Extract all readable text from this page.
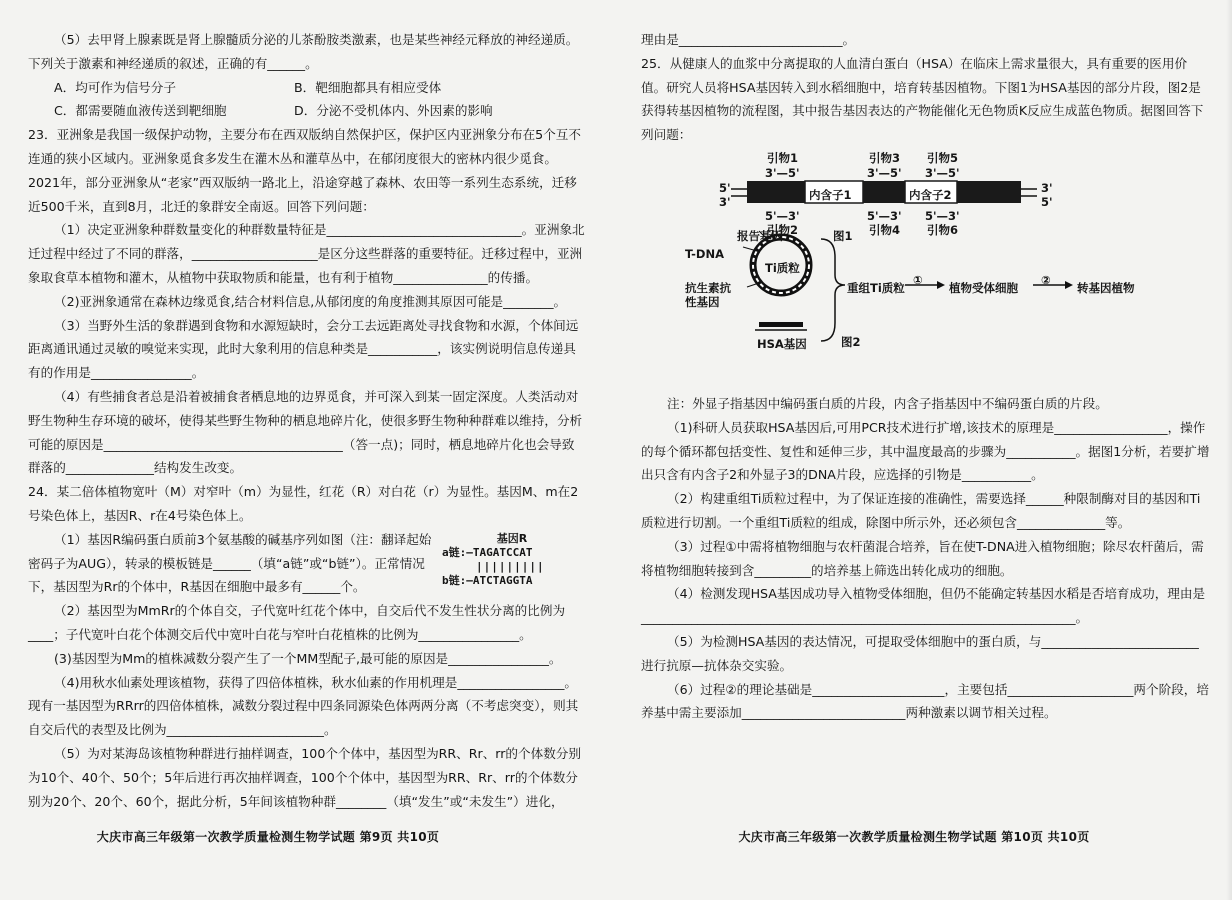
（5）去甲肾上腺素既是肾上腺髓质分泌的儿茶酚胺类激素，也是某些神经元释放的神经递质。下列关于激素和神经递质的叙述，正确的有______。

A．均可作为信号分子	B．靶细胞都具有相应受体
C．都需要随血液传送到靶细胞	D．分泌不受机体内、外因素的影响

23．亚洲象是我国一级保护动物，主要分布在西双版纳自然保护区，保护区内亚洲象分布在5个互不连通的狭小区域内。亚洲象觅食多发生在灌木丛和灌草丛中，在郁闭度很大的密林内很少觅食。2021年，部分亚洲象从“老家”西双版纳一路北上，沿途穿越了森林、农田等一系列生态系统，迁移近500千米，直到8月，北迁的象群安全南返。回答下列问题：

（1）决定亚洲象种群数量变化的种群数量特征是_______________________________。亚洲象北迁过程中经过了不同的群落，____________________是区分这些群落的重要特征。迁移过程中，亚洲象取食草本植物和灌木，从植物中获取物质和能量，也有利于植物_______________的传播。

（2)亚洲象通常在森林边缘觅食,结合材料信息,从郁闭度的角度推测其原因可能是________。

（3）当野外生活的象群遇到食物和水源短缺时，会分工去远距离处寻找食物和水源，个体间远距离通讯通过灵敏的嗅觉来实现，此时大象利用的信息种类是___________，该实例说明信息传递具有的作用是________________。

（4）有些捕食者总是沿着被捕食者栖息地的边界觅食，并可深入到某一固定深度。人类活动对野生物种生存环境的破坏，使得某些野生物种的栖息地碎片化，使很多野生物种种群难以维持，分析可能的原因是______________________________________（答一点)；同时，栖息地碎片化也会导致群落的______________结构发生改变。

24．某二倍体植物宽叶（M）对窄叶（m）为显性，红花（R）对白花（r）为显性。基因M、m在2号染色体上，基因R、r在4号染色体上。

基因R
a链:—TAGATCCAT
|||||||||
b链:—ATCTAGGTA

（1）基因R编码蛋白质前3个氨基酸的碱基序列如图（注：翻译起始密码子为AUG），转录的模板链是______（填“a链”或“b链”）。正常情况下，基因型为Rr的个体中，R基因在细胞中最多有______个。

（2）基因型为MmRr的个体自交，子代宽叶红花个体中，自交后代不发生性状分离的比例为____；子代宽叶白花个体测交后代中宽叶白花与窄叶白花植株的比例为________________。

(3)基因型为Mm的植株减数分裂产生了一个MM型配子,最可能的原因是________________。

（4)用秋水仙素处理该植物，获得了四倍体植株，秋水仙素的作用机理是_________________。现有一基因型为RRrr的四倍体植株，减数分裂过程中四条同源染色体两两分离（不考虑突变），则其自交后代的表型及比例为_________________________。

（5）为对某海岛该植物种群进行抽样调查，100个个体中，基因型为RR、Rr、rr的个体数分别为10个、40个、50个；5年后进行再次抽样调查，100个个体中，基因型为RR、Rr、rr的个体数分别为20个、20个、60个，据此分析，5年间该植物种群________（填“发生”或“未发生”）进化，

大庆市高三年级第一次教学质量检测生物学试题 第9页 共10页

理由是__________________________。

25．从健康人的血浆中分离提取的人血清白蛋白（HSA）在临床上需求量很大，具有重要的医用价值。研究人员将HSA基因转入到水稻细胞中，培育转基因植物。下图1为HSA基因的部分片段，图2是获得转基因植物的流程图，其中报告基因表达的产物能催化无色物质K反应生成蓝色物质。据图回答下列问题：

引物1	引物3 引物5
3'—5'	3'—5' 3'—5'
5'
3'
3'
5'
内含子1	内含子2
5'—3'	5'—3' 5'—3'
引物2	引物4 引物6
图1
报告基因
T-DNA
Ti质粒
抗生素抗性基因
HSA基因
重组Ti质粒
①
植物受体细胞
②
转基因植物
图2

注：外显子指基因中编码蛋白质的片段，内含子指基因中不编码蛋白质的片段。

（1)科研人员获取HSA基因后,可用PCR技术进行扩增,该技术的原理是__________________，操作的每个循环都包括变性、复性和延伸三步，其中温度最高的步骤为___________。据图1分析，若要扩增出只含有内含子2和外显子3的DNA片段，应选择的引物是___________。

（2）构建重组Ti质粒过程中，为了保证连接的准确性，需要选择______种限制酶对目的基因和Ti质粒进行切割。一个重组Ti质粒的组成，除图中所示外，还必须包含______________等。

（3）过程①中需将植物细胞与农杆菌混合培养，旨在使T-DNA进入植物细胞；除尽农杆菌后，需将植物细胞转接到含_________的培养基上筛选出转化成功的细胞。

（4）检测发现HSA基因成功导入植物受体细胞，但仍不能确定转基因水稻是否培育成功，理由是_____________________________________________________________________。

（5）为检测HSA基因的表达情况，可提取受体细胞中的蛋白质，与_________________________进行抗原—抗体杂交实验。

（6）过程②的理论基础是_____________________，主要包括____________________两个阶段，培养基中需主要添加__________________________两种激素以调节相关过程。

大庆市高三年级第一次教学质量检测生物学试题 第10页 共10页
